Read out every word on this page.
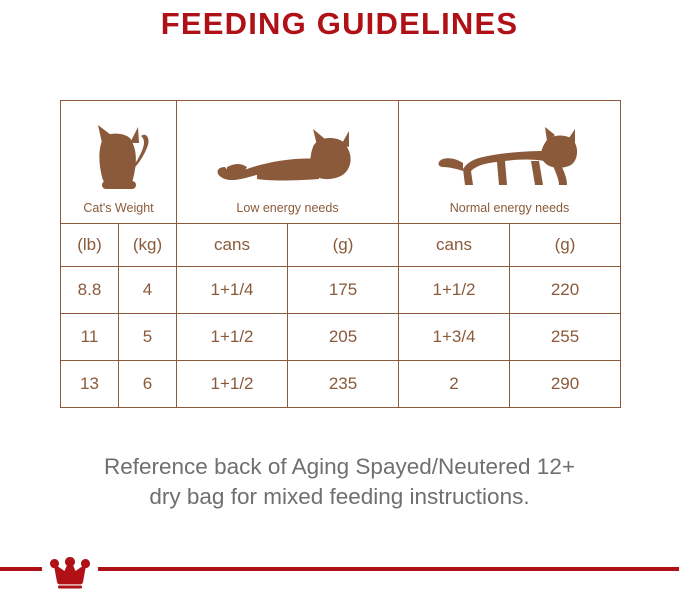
FEEDING GUIDELINES
Cat's Weight		Low energy needs		Normal energy needs	

(lb)	(kg)	cans	(g)	cans	(g)
8.8	4	1+1/4	175	1+1/2	220
11	5	1+1/2	205	1+3/4	255
13	6	1+1/2	235	2	290
Reference back of Aging Spayed/Neutered 12+
dry bag for mixed feeding instructions.
